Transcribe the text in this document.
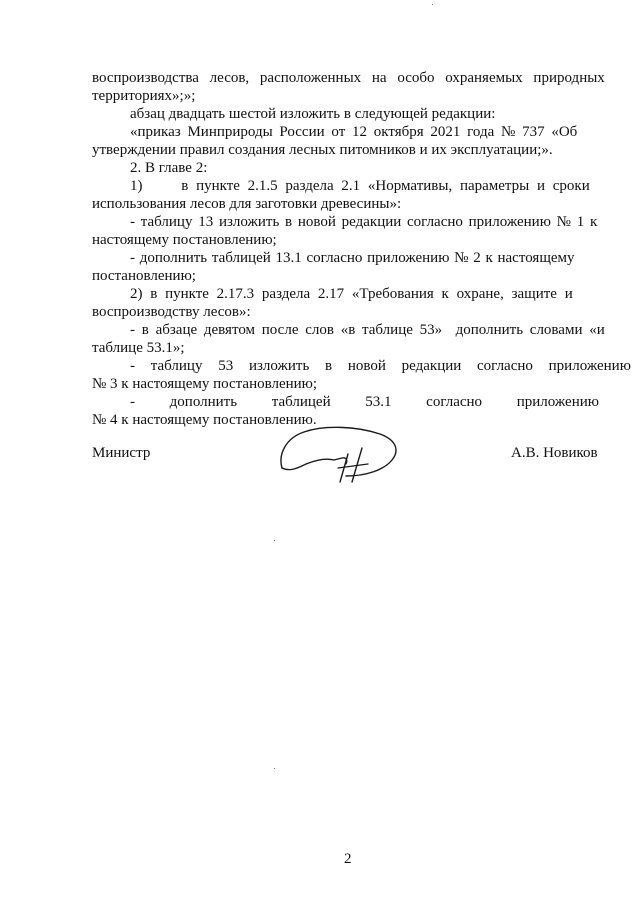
воспроизводства лесов, расположенных на особо охраняемых природных
территориях»;»;
абзац двадцать шестой изложить в следующей редакции:
«приказ Минприроды России от 12 октября 2021 года № 737 «Об
утверждении правил создания лесных питомников и их эксплуатации;».
2. В главе 2:
1)     в пункте 2.1.5 раздела 2.1 «Нормативы, параметры и сроки
использования лесов для заготовки древесины»:
- таблицу 13 изложить в новой редакции согласно приложению № 1 к
настоящему постановлению;
- дополнить таблицей 13.1 согласно приложению № 2 к настоящему
постановлению;
2) в пункте 2.17.3 раздела 2.17 «Требования к охране, защите и
воспроизводству лесов»:
- в абзаце девятом после слов «в таблице 53»  дополнить словами «и
таблице 53.1»;
- таблицу 53 изложить в новой редакции согласно приложению
№ 3 к настоящему постановлению;
- дополнить таблицей 53.1 согласно приложению
№ 4 к настоящему постановлению.
Министр	А.В. Новиков
2
